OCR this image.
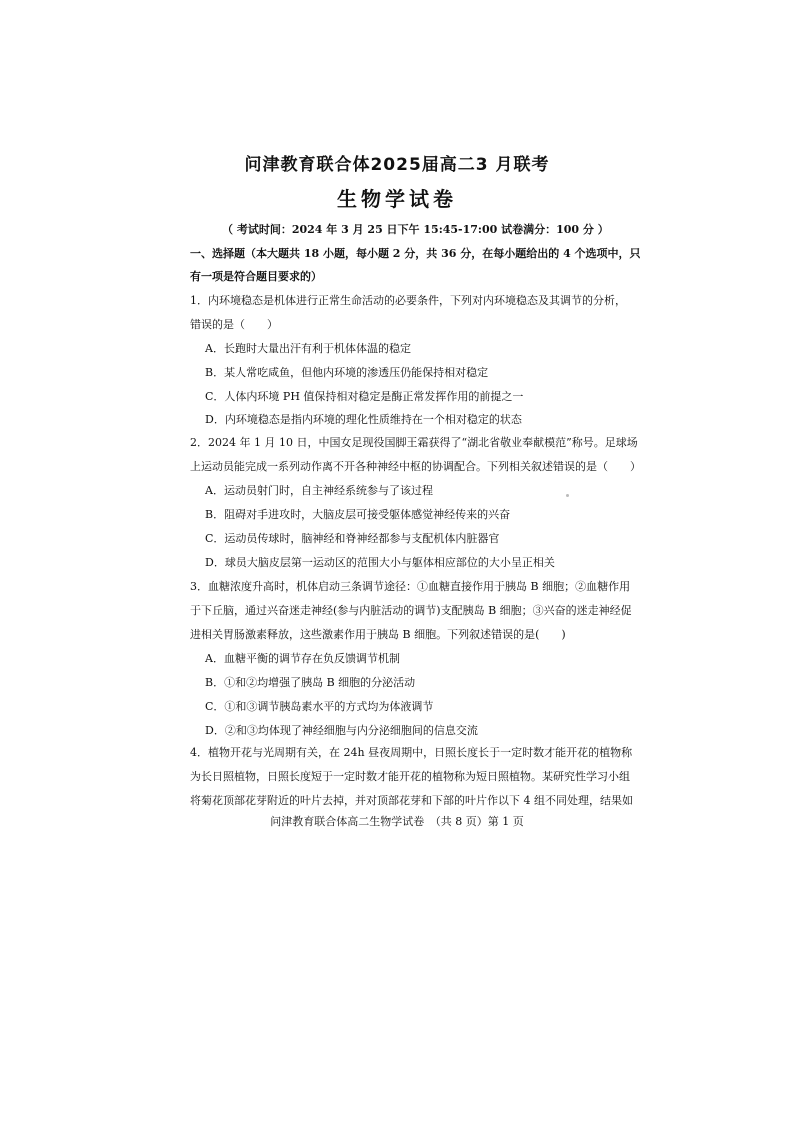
问津教育联合体2025届高二3 月联考
生物学试卷
（ 考试时间：2024 年 3 月 25 日下午 15:45-17:00 试卷满分：100 分 ）
一、选择题（本大题共 18 小题，每小题 2 分，共 36 分，在每小题给出的 4 个选项中，只
有一项是符合题目要求的）
1．内环境稳态是机体进行正常生命活动的必要条件，下列对内环境稳态及其调节的分析，
错误的是（　　）
A．长跑时大量出汗有利于机体体温的稳定
B．某人常吃咸鱼，但他内环境的渗透压仍能保持相对稳定
C．人体内环境 PH 值保持相对稳定是酶正常发挥作用的前提之一
D．内环境稳态是指内环境的理化性质维持在一个相对稳定的状态
2．2024 年 1 月 10 日，中国女足现役国脚王霜获得了“湖北省敬业奉献模范”称号。足球场
上运动员能完成一系列动作离不开各种神经中枢的协调配合。下列相关叙述错误的是（　　）
A．运动员射门时，自主神经系统参与了该过程
B．阻碍对手进攻时，大脑皮层可接受躯体感觉神经传来的兴奋
C．运动员传球时，脑神经和脊神经都参与支配机体内脏器官
D．球员大脑皮层第一运动区的范围大小与躯体相应部位的大小呈正相关
3．血糖浓度升高时，机体启动三条调节途径：①血糖直接作用于胰岛 B 细胞；②血糖作用
于下丘脑，通过兴奋迷走神经(参与内脏活动的调节)支配胰岛 B 细胞；③兴奋的迷走神经促
进相关胃肠激素释放，这些激素作用于胰岛 B 细胞。下列叙述错误的是(　　)
A．血糖平衡的调节存在负反馈调节机制
B．①和②均增强了胰岛 B 细胞的分泌活动
C．①和③调节胰岛素水平的方式均为体液调节
D．②和③均体现了神经细胞与内分泌细胞间的信息交流
4．植物开花与光周期有关，在 24h 昼夜周期中，日照长度长于一定时数才能开花的植物称
为长日照植物，日照长度短于一定时数才能开花的植物称为短日照植物。某研究性学习小组
将菊花顶部花芽附近的叶片去掉，并对顶部花芽和下部的叶片作以下 4 组不同处理，结果如
问津教育联合体高二生物学试卷　（共 8 页）第 1 页
